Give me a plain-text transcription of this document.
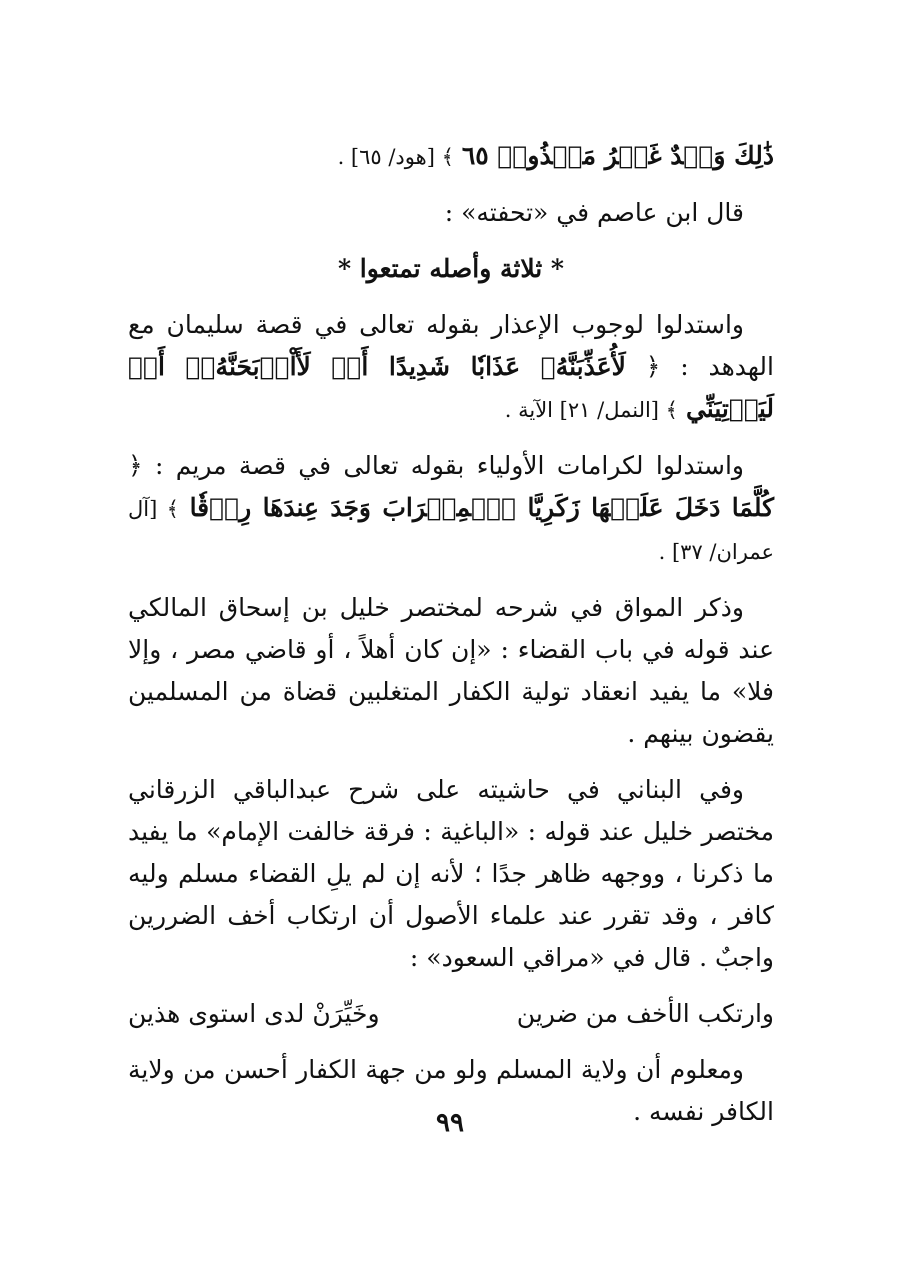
ذَٰلِكَ وَعۡدٌ غَيۡرُ مَكۡذُوبٖ ٦٥ ﴾ [هود/ ٦٥] .

قال ابن عاصم في «تحفته» :

* ثلاثة وأصله تمتعوا *

واستدلوا لوجوب الإعذار بقوله تعالى في قصة سليمان مع الهدهد : ﴿ لَأُعَذِّبَنَّهُۥ عَذَابٗا شَدِيدًا أَوۡ لَأَاْذۡبَحَنَّهُۥٓ أَوۡ لَيَأۡتِيَنِّي ﴾ [النمل/ ٢١] الآية .

واستدلوا لكرامات الأولياء بقوله تعالى في قصة مريم : ﴿ كُلَّمَا دَخَلَ عَلَيۡهَا زَكَرِيَّا ٱلۡمِحۡرَابَ وَجَدَ عِندَهَا رِزۡقٗا ﴾ [آل عمران/ ٣٧] .

وذكر المواق في شرحه لمختصر خليل بن إسحاق المالكي عند قوله في باب القضاء : «إن كان أهلاً ، أو قاضي مصر ، وإلا فلا» ما يفيد انعقاد تولية الكفار المتغلبين قضاة من المسلمين يقضون بينهم .

وفي البناني في حاشيته على شرح عبدالباقي الزرقاني مختصر خليل عند قوله : «الباغية : فرقة خالفت الإمام» ما يفيد ما ذكرنا ، ووجهه ظاهر جدًا ؛ لأنه إن لم يلِ القضاء مسلم وليه كافر ، وقد تقرر عند علماء الأصول أن ارتكاب أخف الضررين واجبٌ . قال في «مراقي السعود» :

وارتكب الأخف من ضرين
وخَيِّرَنْ لدى استوى هذين

ومعلوم أن ولاية المسلم ولو من جهة الكفار أحسن من ولاية الكافر نفسه .

٩٩
